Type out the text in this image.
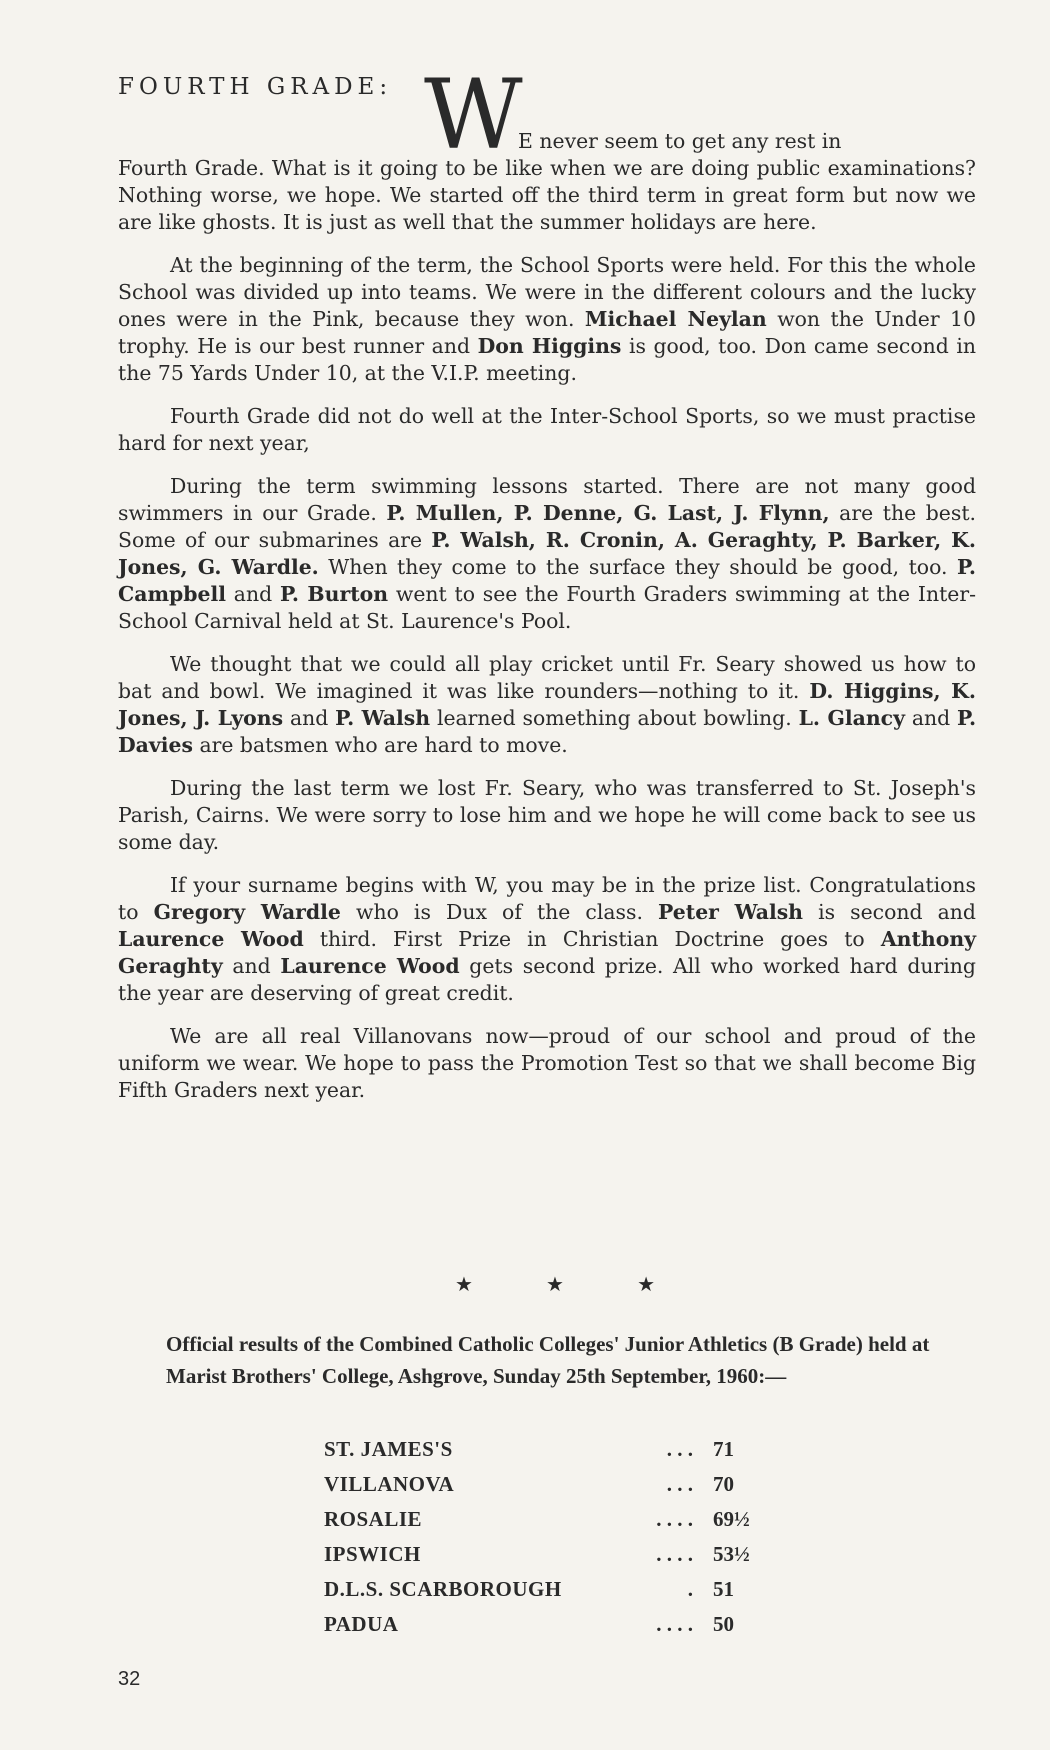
FOURTH GRADE: W

E never seem to get any rest in
Fourth Grade. What is it going to be like when we are doing public examinations? Nothing worse, we hope. We started off the third term in great form but now we are like ghosts. It is just as well that the summer holidays are here.

At the beginning of the term, the School Sports were held. For this the whole School was divided up into teams. We were in the different colours and the lucky ones were in the Pink, because they won. Michael Neylan won the Under 10 trophy. He is our best runner and Don Higgins is good, too. Don came second in the 75 Yards Under 10, at the V.I.P. meeting.

Fourth Grade did not do well at the Inter-School Sports, so we must practise hard for next year,

During the term swimming lessons started. There are not many good swimmers in our Grade. P. Mullen, P. Denne, G. Last, J. Flynn, are the best. Some of our submarines are P. Walsh, R. Cronin, A. Geraghty, P. Barker, K. Jones, G. Wardle. When they come to the surface they should be good, too. P. Campbell and P. Burton went to see the Fourth Graders swimming at the Inter-School Carnival held at St. Laurence's Pool.

We thought that we could all play cricket until Fr. Seary showed us how to bat and bowl. We imagined it was like rounders—nothing to it. D. Higgins, K. Jones, J. Lyons and P. Walsh learned something about bowling. L. Glancy and P. Davies are batsmen who are hard to move.

During the last term we lost Fr. Seary, who was transferred to St. Joseph's Parish, Cairns. We were sorry to lose him and we hope he will come back to see us some day.

If your surname begins with W, you may be in the prize list. Congratulations to Gregory Wardle who is Dux of the class. Peter Walsh is second and Laurence Wood third. First Prize in Christian Doctrine goes to Anthony Geraghty and Laurence Wood gets second prize. All who worked hard during the year are deserving of great credit.

We are all real Villanovans now—proud of our school and proud of the uniform we wear. We hope to pass the Promotion Test so that we shall become Big Fifth Graders next year.

★	★	★
Official results of the Combined Catholic Colleges' Junior Athletics (B Grade) held at Marist Brothers' College, Ashgrove, Sunday 25th September, 1960:—
ST. JAMES'S	. . .	71
VILLANOVA	. . .	70
ROSALIE	. . . .	69½
IPSWICH	. . . .	53½
D.L.S. SCARBOROUGH	.	51
PADUA	. . . .	50
32
